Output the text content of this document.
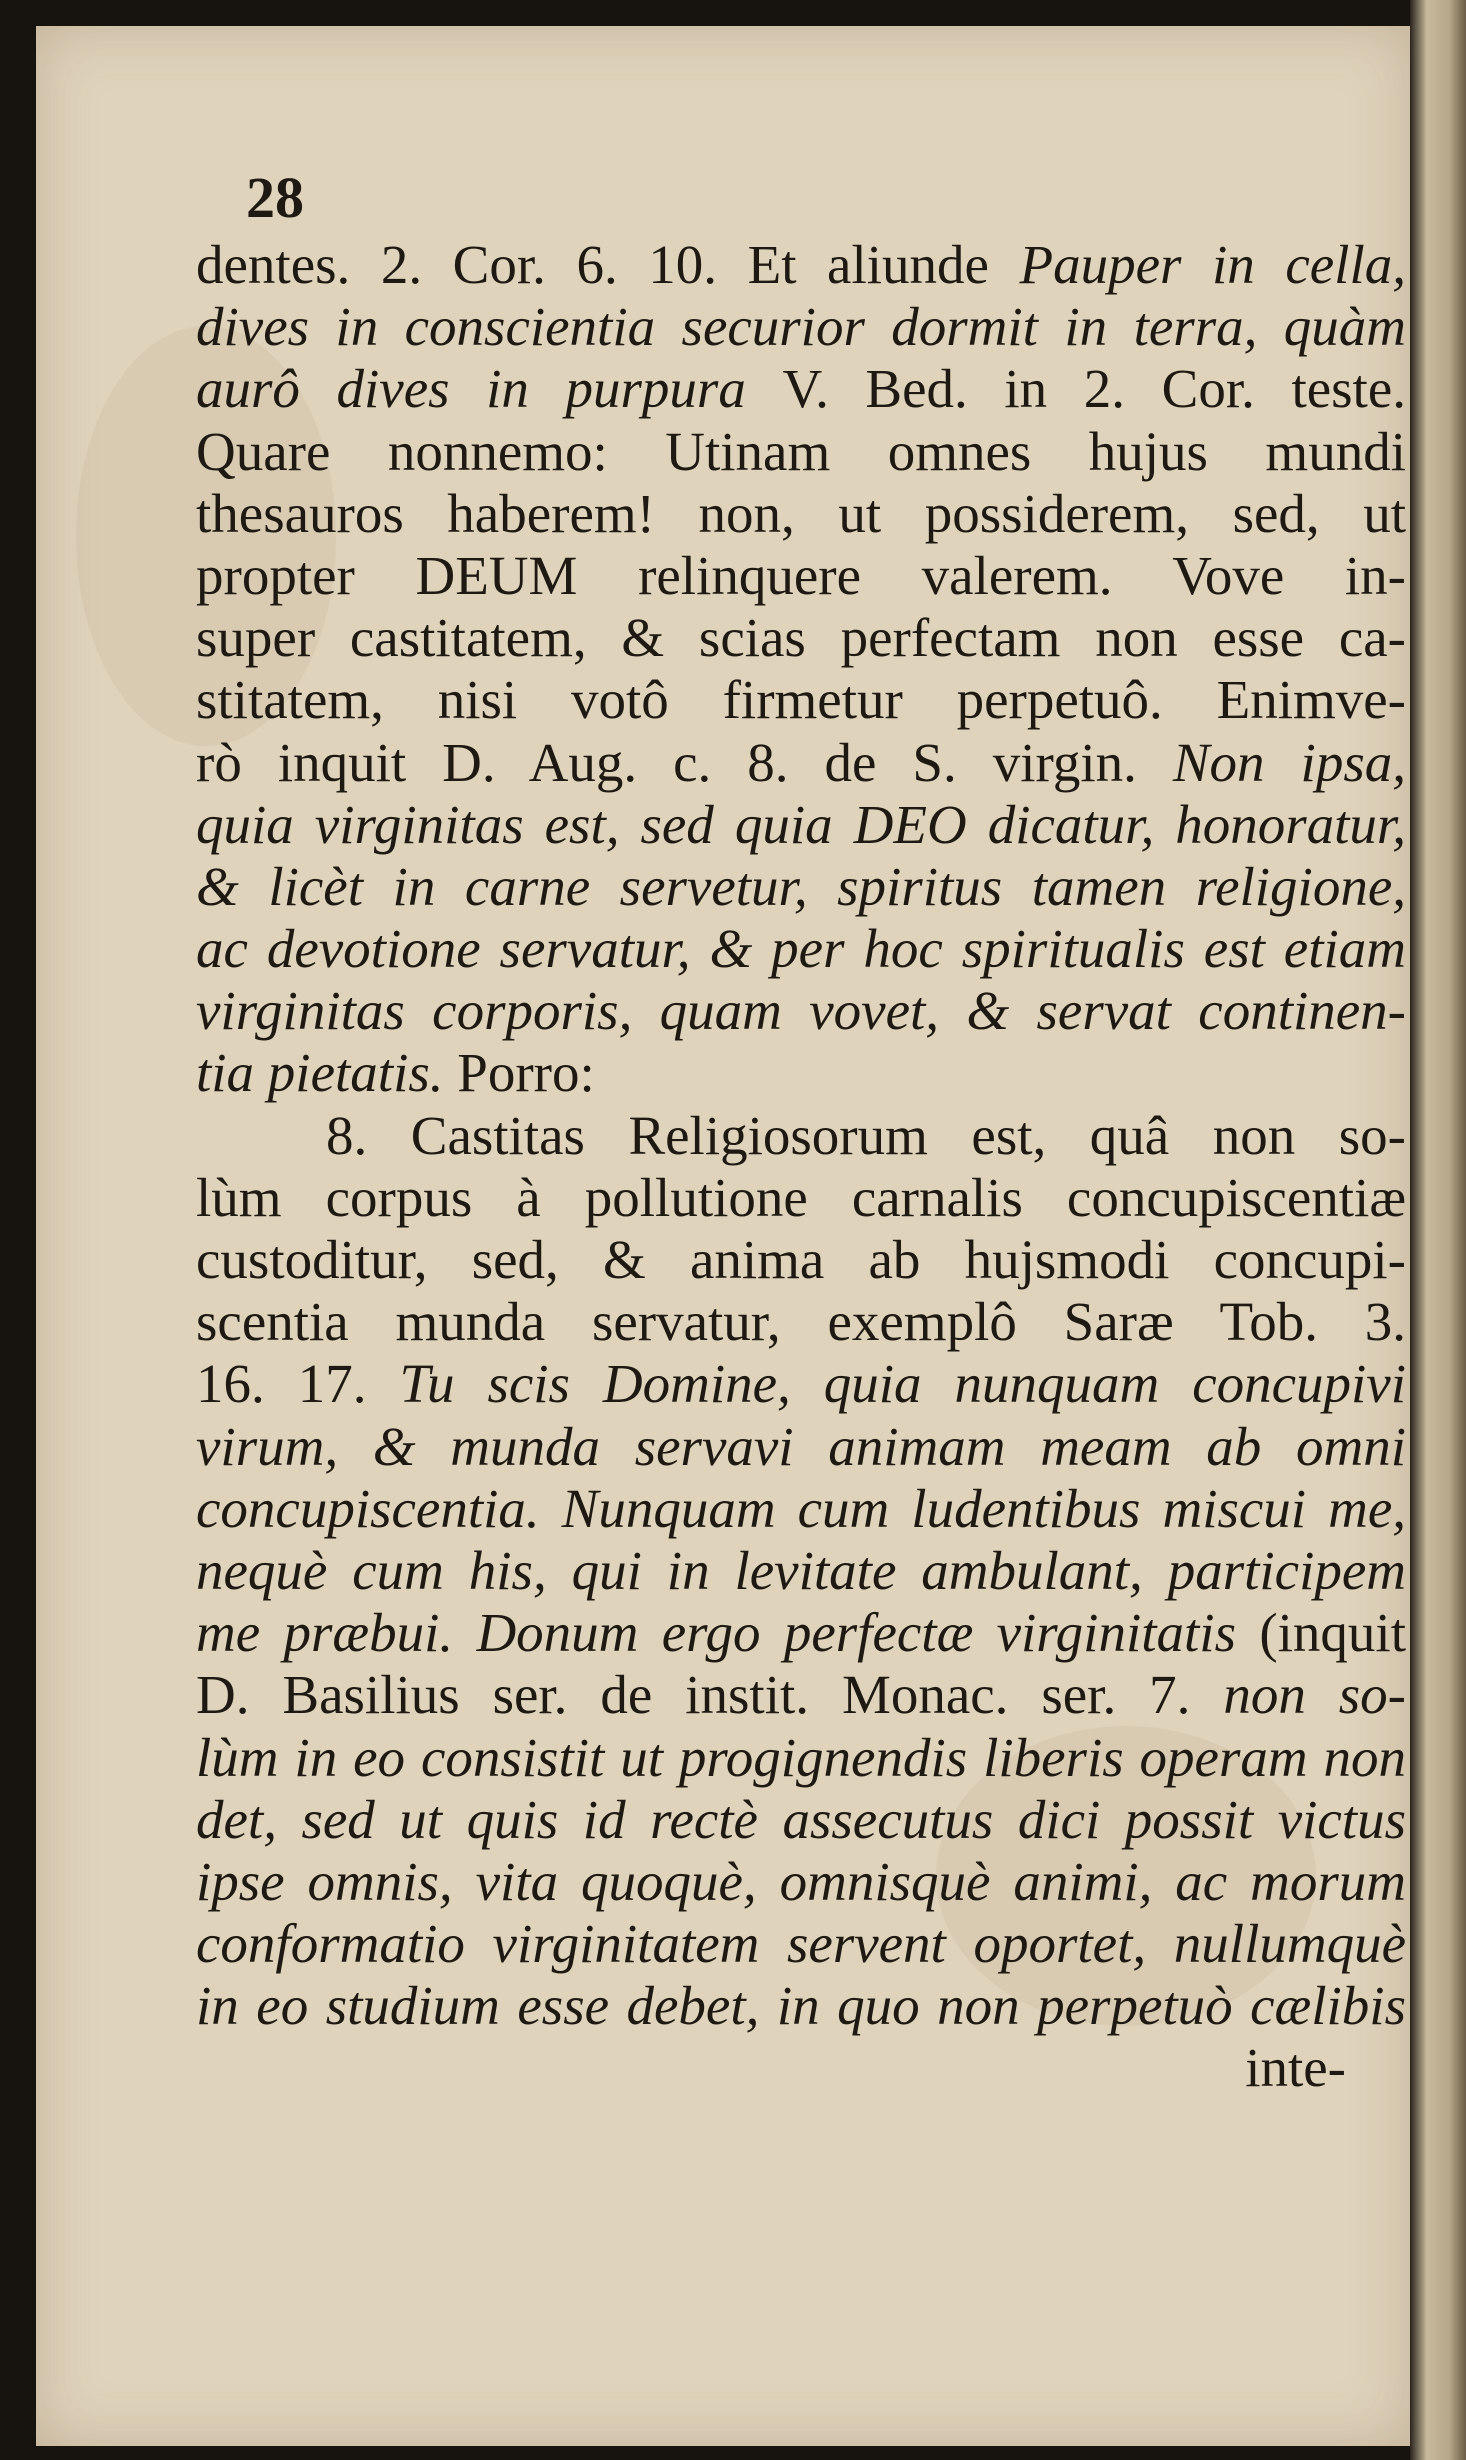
28
dentes. 2. Cor. 6. 10. Et aliunde Pauper in cella,
dives in conscientia securior dormit in terra, quàm
aurô dives in purpura V. Bed. in 2. Cor. teste.
Quare nonnemo: Utinam omnes hujus mundi
thesauros haberem! non, ut possiderem, sed, ut
propter DEUM relinquere valerem. Vove in-
super castitatem, & scias perfectam non esse ca-
stitatem, nisi votô firmetur perpetuô. Enimve-
rò inquit D. Aug. c. 8. de S. virgin. Non ipsa,
quia virginitas est, sed quia DEO dicatur, honoratur,
& licèt in carne servetur, spiritus tamen religione,
ac devotione servatur, & per hoc spiritualis est etiam
virginitas corporis, quam vovet, & servat continen-
tia pietatis. Porro:
8. Castitas Religiosorum est, quâ non so-
lùm corpus à pollutione carnalis concupiscentiæ
custoditur, sed, & anima ab hujsmodi concupi-
scentia munda servatur, exemplô Saræ Tob. 3.
16. 17. Tu scis Domine, quia nunquam concupivi
virum, & munda servavi animam meam ab omni
concupiscentia. Nunquam cum ludentibus miscui me,
nequè cum his, qui in levitate ambulant, participem
me præbui. Donum ergo perfectæ virginitatis (inquit
D. Basilius ser. de instit. Monac. ser. 7. non so-
lùm in eo consistit ut progignendis liberis operam non
det, sed ut quis id rectè assecutus dici possit victus
ipse omnis, vita quoquè, omnisquè animi, ac morum
conformatio virginitatem servent oportet, nullumquè
in eo studium esse debet, in quo non perpetuò cælibis
inte-
